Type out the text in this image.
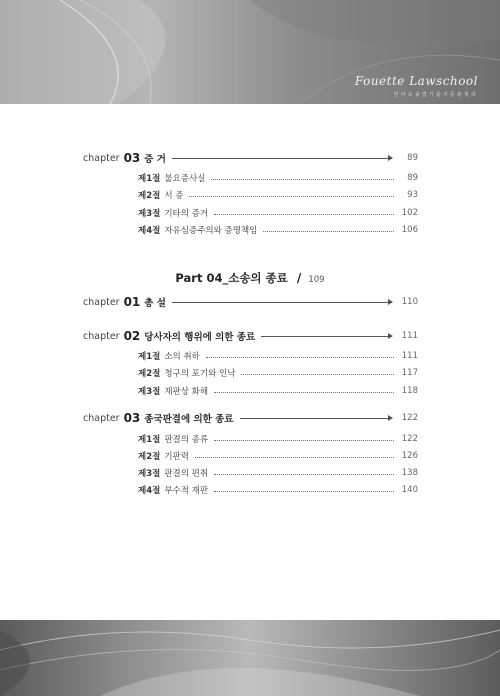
Fouette Lawschool
민사소송법기출지문총정리
chapter 03 증 거	89
제1절 불요증사실	89
제2절 서 증	93
제3절 기타의 증거	102
제4절 자유심증주의와 증명책임	106
Part 04_소송의 종료 / 109
chapter 01 총 설	110
chapter 02 당사자의 행위에 의한 종료	111
제1절 소의 취하	111
제2절 청구의 포기와 인낙	117
제3절 재판상 화해	118
chapter 03 종국판결에 의한 종료	122
제1절 판결의 종류	122
제2절 기판력	126
제3절 판결의 편취	138
제4절 부수적 재판	140
